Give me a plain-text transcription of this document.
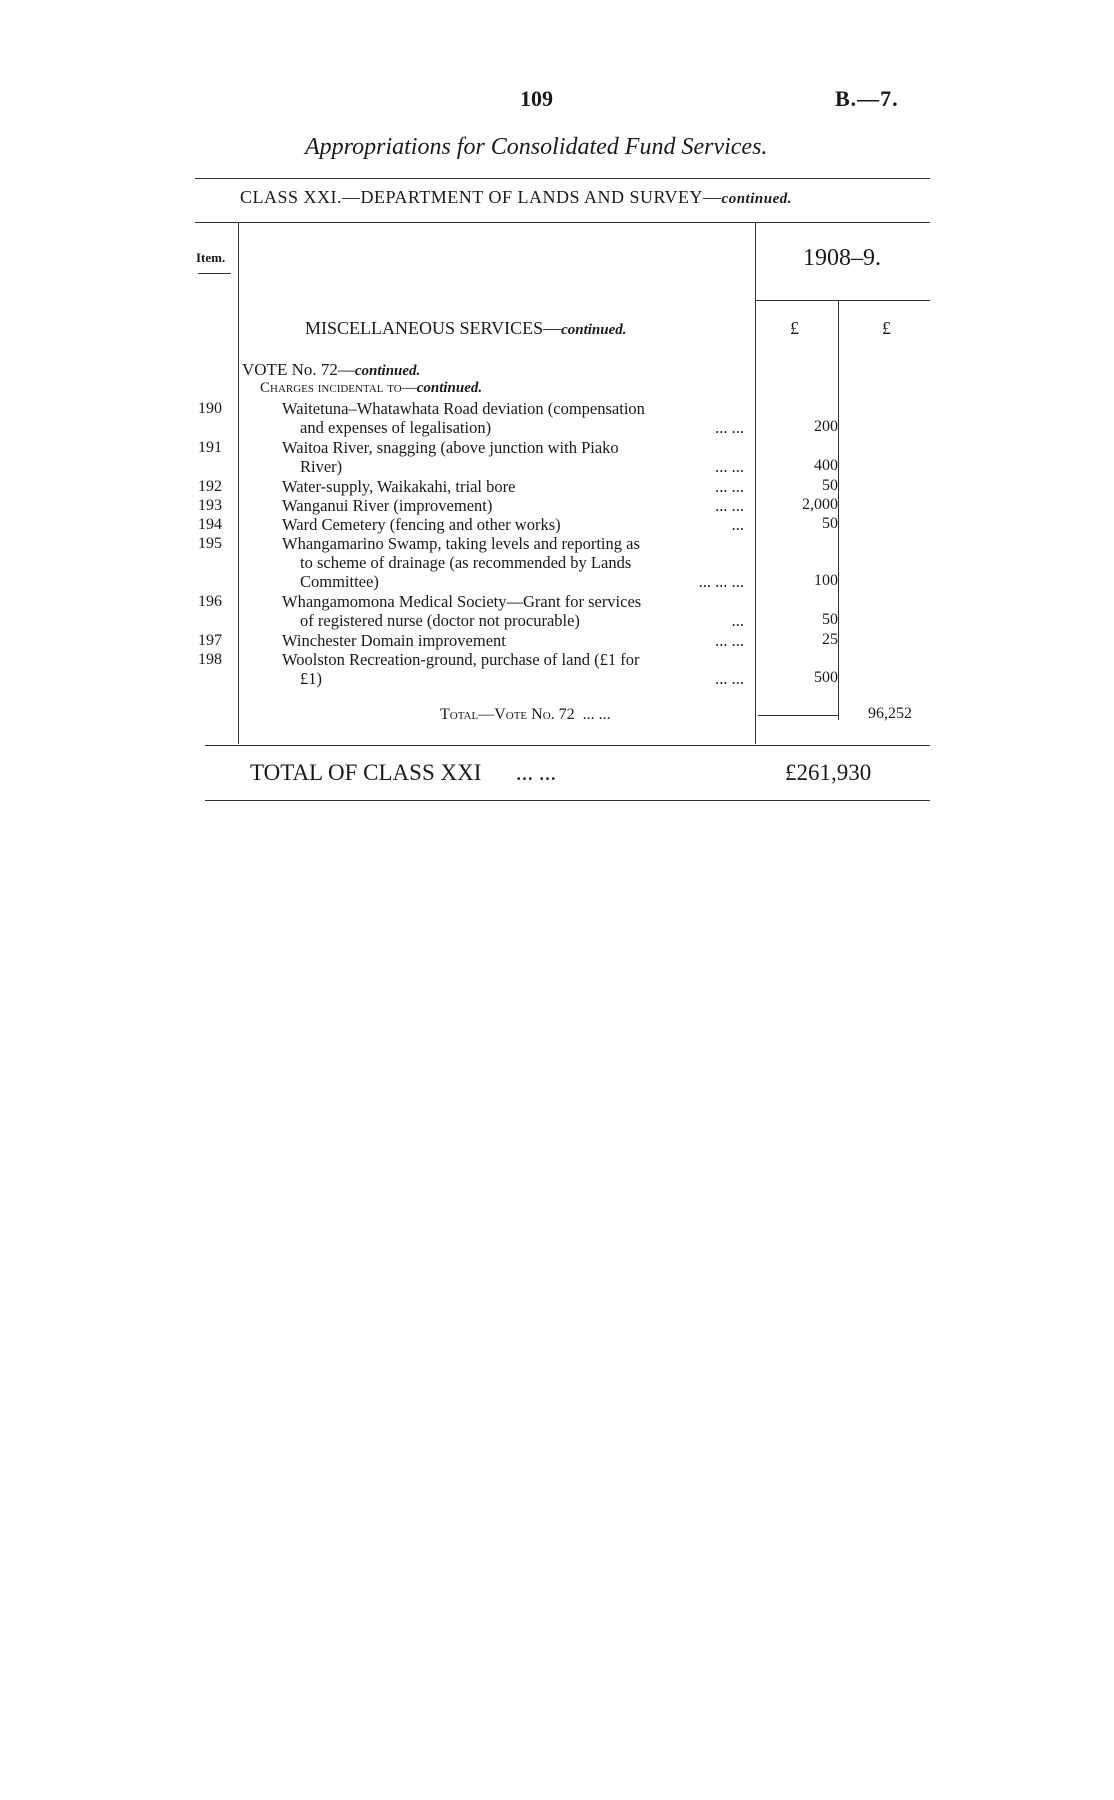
109	B.—7.
Appropriations for Consolidated Fund Services.
CLASS XXI.—DEPARTMENT OF LANDS AND SURVEY—continued.
Item.	1908–9.
MISCELLANEOUS SERVICES—continued.	£	£
VOTE No. 72—continued.
Charges incidental to—continued.
190	Waitetuna–Whatawhata Road deviation (compensation
and expenses of legalisation)	... ...	200
191	Waitoa River, snagging (above junction with Piako
River)	... ...	400
192	Water-supply, Waikakahi, trial bore	... ...	50
193	Wanganui River (improvement)	... ...	2,000
194	Ward Cemetery (fencing and other works)	...	50
195	Whangamarino Swamp, taking levels and reporting as
to scheme of drainage (as recommended by Lands
Committee)	... ... ...	100
196	Whangamomona Medical Society—Grant for services
of registered nurse (doctor not procurable)	...	50
197	Winchester Domain improvement	... ...	25
198	Woolston Recreation-ground, purchase of land (£1 for
£1)	... ...	500
Total—Vote No. 72 ... ...	96,252
TOTAL OF CLASS XXI ... ...	£261,930
